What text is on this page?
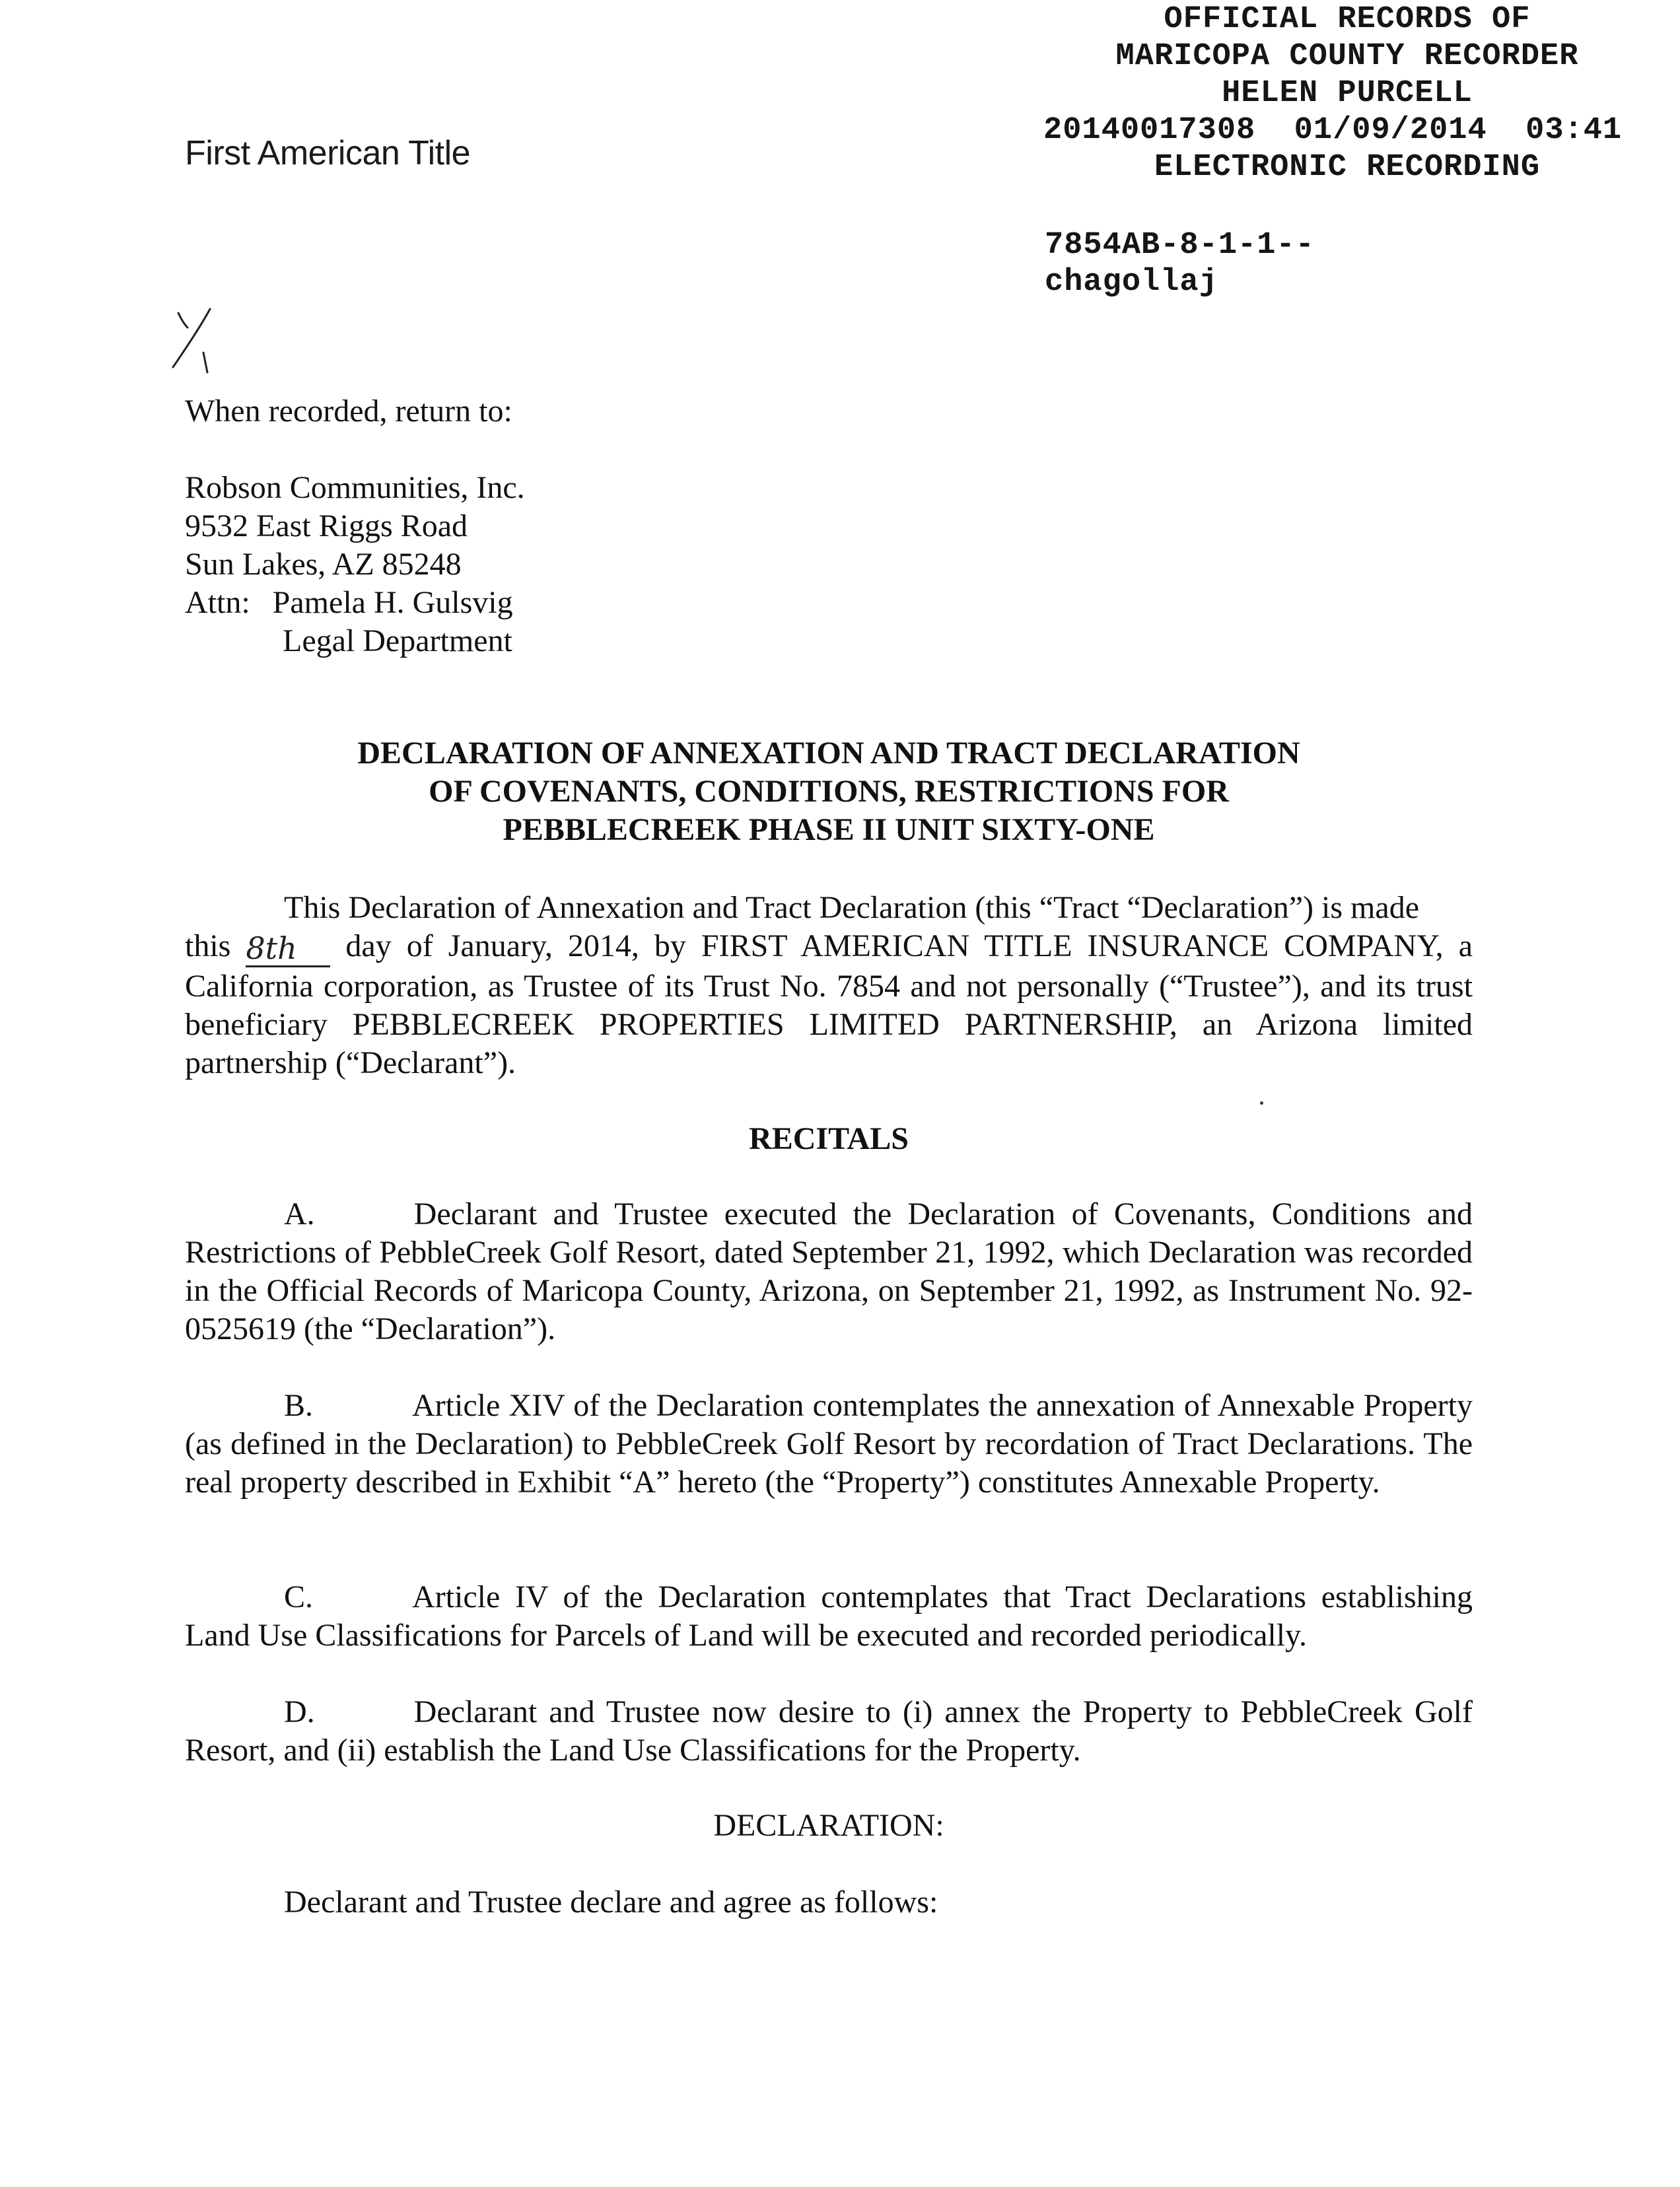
OFFICIAL RECORDS OF
MARICOPA COUNTY RECORDER
HELEN PURCELL
20140017308  01/09/2014  03:41
ELECTRONIC RECORDING
7854AB-8-1-1--
chagollaj
First American Title
When recorded, return to:
Robson Communities, Inc.
9532 East Riggs Road
Sun Lakes, AZ 85248
Attn: Pamela H. Gulsvig
Legal Department
DECLARATION OF ANNEXATION AND TRACT DECLARATION
OF COVENANTS, CONDITIONS, RESTRICTIONS FOR
PEBBLECREEK PHASE II UNIT SIXTY-ONE
This Declaration of Annexation and Tract Declaration (this “Tract “Declaration”) is made
this 8th day of January, 2014, by FIRST AMERICAN TITLE INSURANCE COMPANY, a
California corporation, as Trustee of its Trust No. 7854 and not personally (“Trustee”), and its trust beneficiary PEBBLECREEK PROPERTIES LIMITED PARTNERSHIP, an Arizona limited partnership (“Declarant”).
RECITALS
A.	Declarant and Trustee executed the Declaration of Covenants, Conditions and Restrictions of PebbleCreek Golf Resort, dated September 21, 1992, which Declaration was recorded in the Official Records of Maricopa County, Arizona, on September 21, 1992, as Instrument No. 92-0525619 (the “Declaration”).
B.	Article XIV of the Declaration contemplates the annexation of Annexable Property (as defined in the Declaration) to PebbleCreek Golf Resort by recordation of Tract Declarations. The real property described in Exhibit “A” hereto (the “Property”) constitutes Annexable Property.
C.	Article IV of the Declaration contemplates that Tract Declarations establishing Land Use Classifications for Parcels of Land will be executed and recorded periodically.
D.	Declarant and Trustee now desire to (i) annex the Property to PebbleCreek Golf Resort, and (ii) establish the Land Use Classifications for the Property.
DECLARATION:
Declarant and Trustee declare and agree as follows:
